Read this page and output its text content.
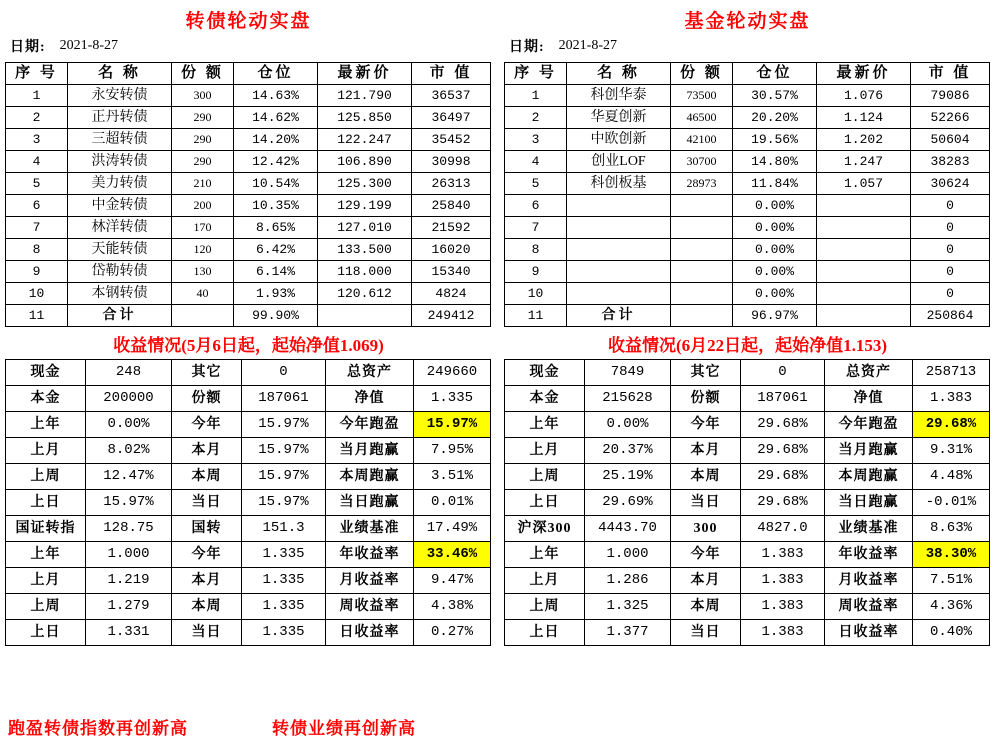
转债轮动实盘
日期: 2021-8-27
序 号	名 称	份 额	仓位	最新价	市 值
1	永安转债	300	14.63%	121.790	36537
2	正丹转债	290	14.62%	125.850	36497
3	三超转债	290	14.20%	122.247	35452
4	洪涛转债	290	12.42%	106.890	30998
5	美力转债	210	10.54%	125.300	26313
6	中金转债	200	10.35%	129.199	25840
7	林洋转债	170	8.65%	127.010	21592
8	天能转债	120	6.42%	133.500	16020
9	岱勒转债	130	6.14%	118.000	15340
10	本钢转债	40	1.93%	120.612	4824
11	合计		99.90%		249412
收益情况(5月6日起，起始净值1.069)
现金	248	其它	0	总资产	249660
本金	200000	份额	187061	净值	1.335
上年	0.00%	今年	15.97%	今年跑盈	15.97%
上月	8.02%	本月	15.97%	当月跑赢	7.95%
上周	12.47%	本周	15.97%	本周跑赢	3.51%
上日	15.97%	当日	15.97%	当日跑赢	0.01%
国证转指	128.75	国转	151.3	业绩基准	17.49%
上年	1.000	今年	1.335	年收益率	33.46%
上月	1.219	本月	1.335	月收益率	9.47%
上周	1.279	本周	1.335	周收益率	4.38%
上日	1.331	当日	1.335	日收益率	0.27%
基金轮动实盘
日期: 2021-8-27
序 号	名 称	份 额	仓位	最新价	市 值
1	科创华泰	73500	30.57%	1.076	79086
2	华夏创新	46500	20.20%	1.124	52266
3	中欧创新	42100	19.56%	1.202	50604
4	创业LOF	30700	14.80%	1.247	38283
5	科创板基	28973	11.84%	1.057	30624
6			0.00%		0
7			0.00%		0
8			0.00%		0
9			0.00%		0
10			0.00%		0
11	合计		96.97%		250864
收益情况(6月22日起，起始净值1.153)
现金	7849	其它	0	总资产	258713
本金	215628	份额	187061	净值	1.383
上年	0.00%	今年	29.68%	今年跑盈	29.68%
上月	20.37%	本月	29.68%	当月跑赢	9.31%
上周	25.19%	本周	29.68%	本周跑赢	4.48%
上日	29.69%	当日	29.68%	当日跑赢	-0.01%
沪深300	4443.70	300	4827.0	业绩基准	8.63%
上年	1.000	今年	1.383	年收益率	38.30%
上月	1.286	本月	1.383	月收益率	7.51%
上周	1.325	本周	1.383	周收益率	4.36%
上日	1.377	当日	1.383	日收益率	0.40%
跑盈转债指数再创新高	转债业绩再创新高
